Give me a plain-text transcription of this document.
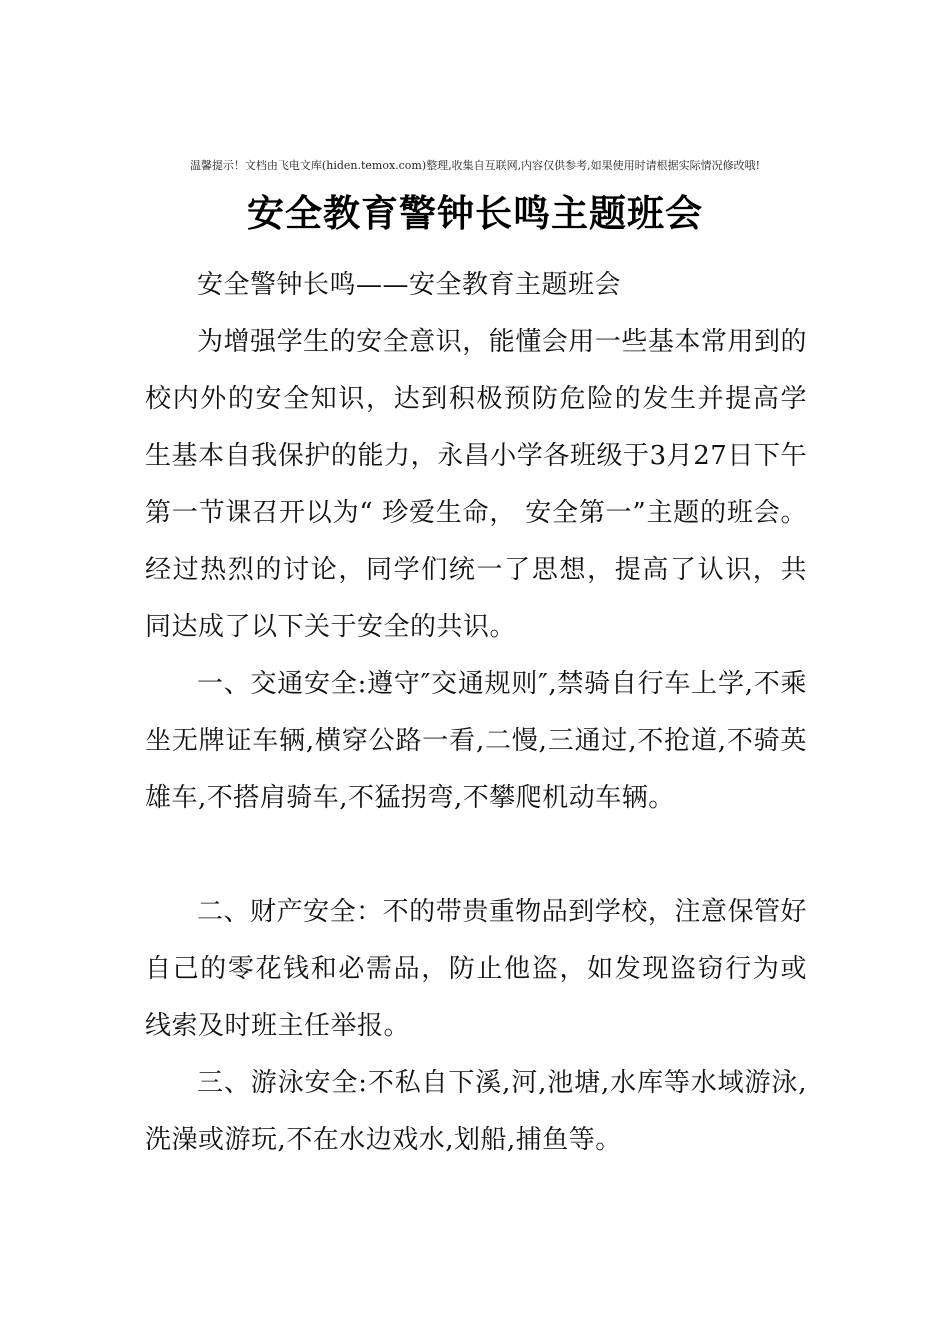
温馨提示！文档由飞电文库(hiden.temox.com)整理,收集自互联网,内容仅供参考,如果使用时请根据实际情况修改哦!
安全教育警钟长鸣主题班会

安全警钟长鸣——安全教育主题班会

为增强学生的安全意识，能懂会用一些基本常用到的校内外的安全知识，达到积极预防危险的发生并提高学生基本自我保护的能力，永昌小学各班级于3月27日下午第一节课召开以为“ 珍爱生命， 安全第一”主题的班会。经过热烈的讨论，同学们统一了思想，提高了认识，共同达成了以下关于安全的共识。

一、交通安全:遵守″交通规则″,禁骑自行车上学,不乘坐无牌证车辆,横穿公路一看,二慢,三通过,不抢道,不骑英雄车,不搭肩骑车,不猛拐弯,不攀爬机动车辆。

二、财产安全：不的带贵重物品到学校，注意保管好自己的零花钱和必需品，防止他盗，如发现盗窃行为或线索及时班主任举报。

三、游泳安全:不私自下溪,河,池塘,水库等水域游泳,洗澡或游玩,不在水边戏水,划船,捕鱼等。
